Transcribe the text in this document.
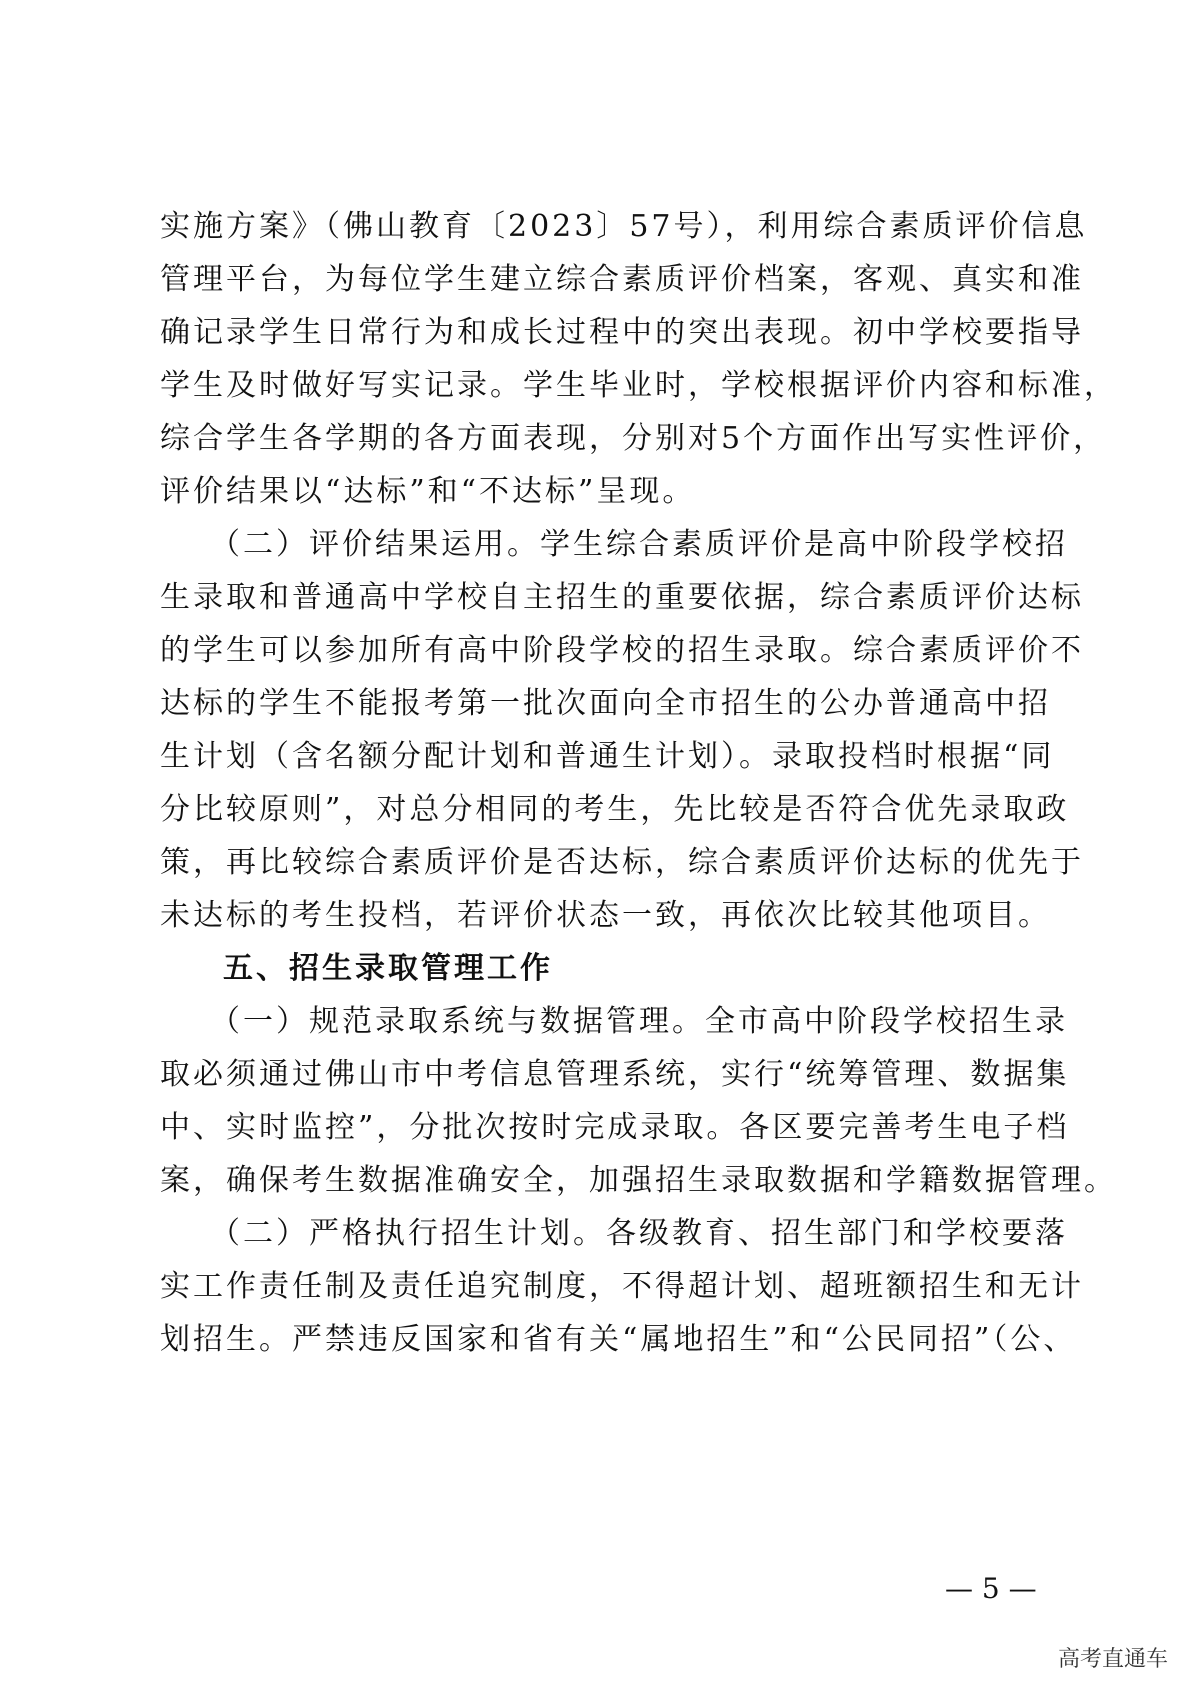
实施方案》（佛山教育〔2023〕57号），利用综合素质评价信息
管理平台，为每位学生建立综合素质评价档案，客观、真实和准
确记录学生日常行为和成长过程中的突出表现。初中学校要指导
学生及时做好写实记录。学生毕业时，学校根据评价内容和标准，
综合学生各学期的各方面表现，分别对5个方面作出写实性评价，
评价结果以“达标”和“不达标”呈现。
（二）评价结果运用。学生综合素质评价是高中阶段学校招
生录取和普通高中学校自主招生的重要依据，综合素质评价达标
的学生可以参加所有高中阶段学校的招生录取。综合素质评价不
达标的学生不能报考第一批次面向全市招生的公办普通高中招
生计划（含名额分配计划和普通生计划）。录取投档时根据“同
分比较原则”，对总分相同的考生，先比较是否符合优先录取政
策，再比较综合素质评价是否达标，综合素质评价达标的优先于
未达标的考生投档，若评价状态一致，再依次比较其他项目。
五、招生录取管理工作
（一）规范录取系统与数据管理。全市高中阶段学校招生录
取必须通过佛山市中考信息管理系统，实行“统筹管理、数据集
中、实时监控”，分批次按时完成录取。各区要完善考生电子档
案，确保考生数据准确安全，加强招生录取数据和学籍数据管理。
（二）严格执行招生计划。各级教育、招生部门和学校要落
实工作责任制及责任追究制度，不得超计划、超班额招生和无计
划招生。严禁违反国家和省有关“属地招生”和“公民同招”（公、
— 5 —
高考直通车
